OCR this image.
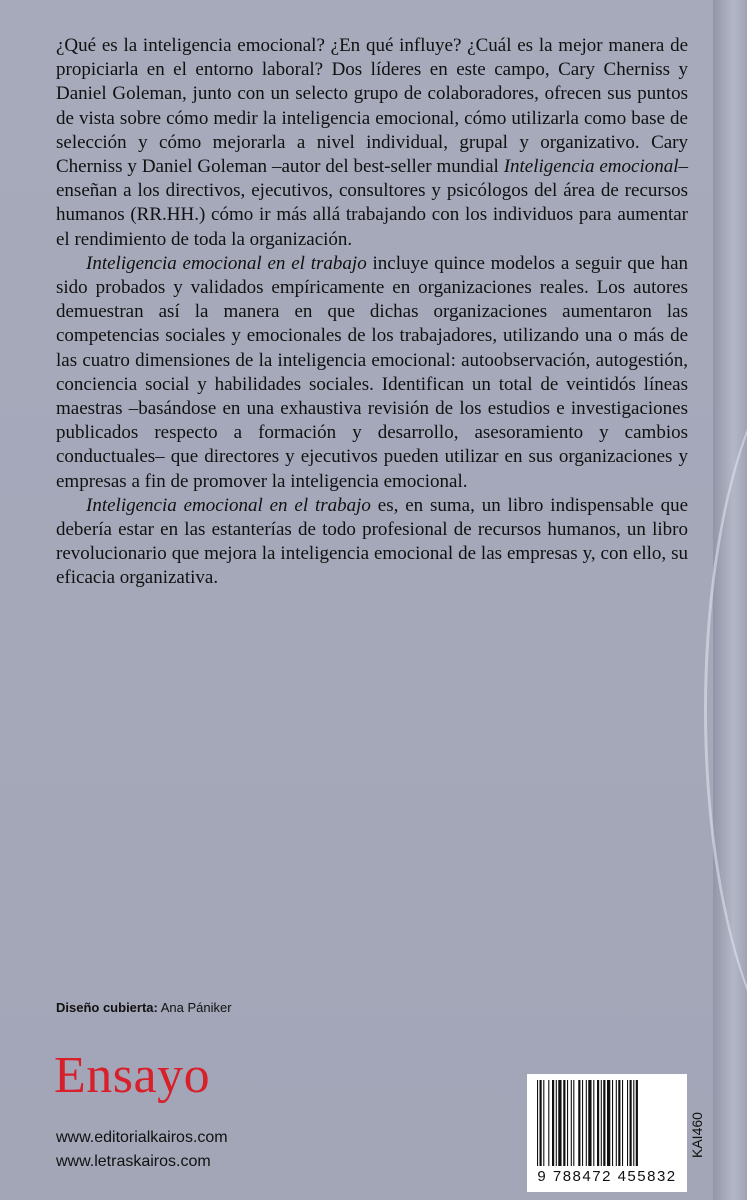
¿Qué es la inteligencia emocional? ¿En qué influye? ¿Cuál es la mejor manera de propiciarla en el entorno laboral? Dos líderes en este campo, Cary Cherniss y Daniel Goleman, junto con un selecto grupo de colaboradores, ofrecen sus puntos de vista sobre cómo medir la inteligencia emocional, cómo utilizarla como base de selección y cómo mejorarla a nivel individual, grupal y organizativo. Cary Cherniss y Daniel Goleman –autor del best-seller mundial Inteligencia emocional– enseñan a los directivos, ejecutivos, consultores y psicólogos del área de recursos humanos (RR.HH.) cómo ir más allá trabajando con los individuos para aumentar el rendimiento de toda la organización.

Inteligencia emocional en el trabajo incluye quince modelos a seguir que han sido probados y validados empíricamente en organizaciones reales. Los autores demuestran así la manera en que dichas organizaciones aumentaron las competencias sociales y emocionales de los trabajadores, utilizando una o más de las cuatro dimensiones de la inteligencia emocional: autoobservación, autogestión, conciencia social y habilidades sociales. Identifican un total de veintidós líneas maestras –basándose en una exhaustiva revisión de los estudios e investigaciones publicados respecto a formación y desarrollo, asesoramiento y cambios conductuales– que directores y ejecutivos pueden utilizar en sus organizaciones y empresas a fin de promover la inteligencia emocional.

Inteligencia emocional en el trabajo es, en suma, un libro indispensable que debería estar en las estanterías de todo profesional de recursos humanos, un libro revolucionario que mejora la inteligencia emocional de las empresas y, con ello, su eficacia organizativa.

Diseño cubierta: Ana Pániker
Ensayo
www.editorialkairos.com
www.letraskairos.com
9 788472 455832
KAI460
